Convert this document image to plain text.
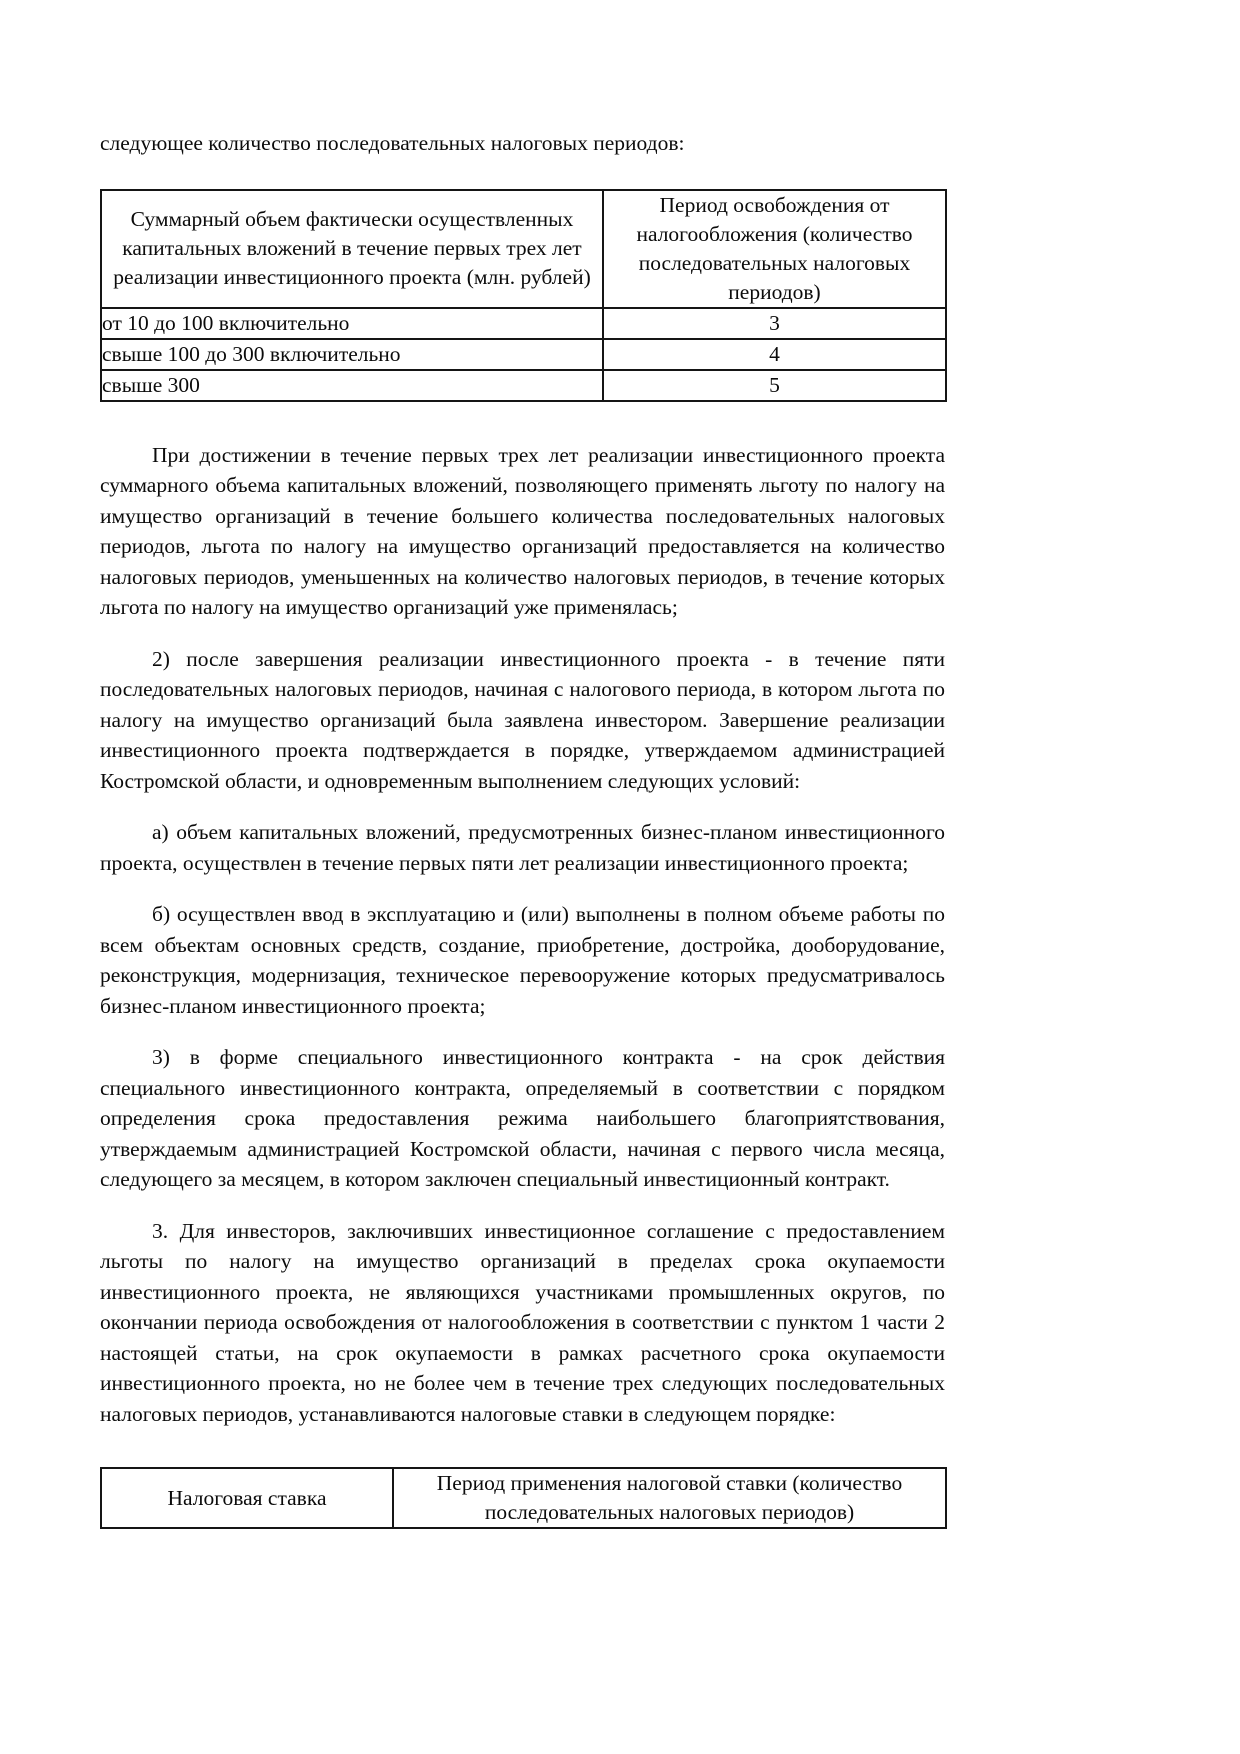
следующее количество последовательных налоговых периодов:

Суммарный объем фактически осуществленных капитальных вложений в течение первых трех лет реализации инвестиционного проекта (млн. рублей)	Период освобождения от налогообложения (количество последовательных налоговых периодов)
от 10 до 100 включительно	3
свыше 100 до 300 включительно	4
свыше 300	5

При достижении в течение первых трех лет реализации инвестиционного проекта суммарного объема капитальных вложений, позволяющего применять льготу по налогу на имущество организаций в течение большего количества последовательных налоговых периодов, льгота по налогу на имущество организаций предоставляется на количество налоговых периодов, уменьшенных на количество налоговых периодов, в течение которых льгота по налогу на имущество организаций уже применялась;

2) после завершения реализации инвестиционного проекта - в течение пяти последовательных налоговых периодов, начиная с налогового периода, в котором льгота по налогу на имущество организаций была заявлена инвестором. Завершение реализации инвестиционного проекта подтверждается в порядке, утверждаемом администрацией Костромской области, и одновременным выполнением следующих условий:

а) объем капитальных вложений, предусмотренных бизнес-планом инвестиционного проекта, осуществлен в течение первых пяти лет реализации инвестиционного проекта;

б) осуществлен ввод в эксплуатацию и (или) выполнены в полном объеме работы по всем объектам основных средств, создание, приобретение, достройка, дооборудование, реконструкция, модернизация, техническое перевооружение которых предусматривалось бизнес-планом инвестиционного проекта;

3) в форме специального инвестиционного контракта - на срок действия специального инвестиционного контракта, определяемый в соответствии с порядком определения срока предоставления режима наибольшего благоприятствования, утверждаемым администрацией Костромской области, начиная с первого числа месяца, следующего за месяцем, в котором заключен специальный инвестиционный контракт.

3. Для инвесторов, заключивших инвестиционное соглашение с предоставлением льготы по налогу на имущество организаций в пределах срока окупаемости инвестиционного проекта, не являющихся участниками промышленных округов, по окончании периода освобождения от налогообложения в соответствии с пунктом 1 части 2 настоящей статьи, на срок окупаемости в рамках расчетного срока окупаемости инвестиционного проекта, но не более чем в течение трех следующих последовательных налоговых периодов, устанавливаются налоговые ставки в следующем порядке:

Налоговая ставка	Период применения налоговой ставки (количество последовательных налоговых периодов)
